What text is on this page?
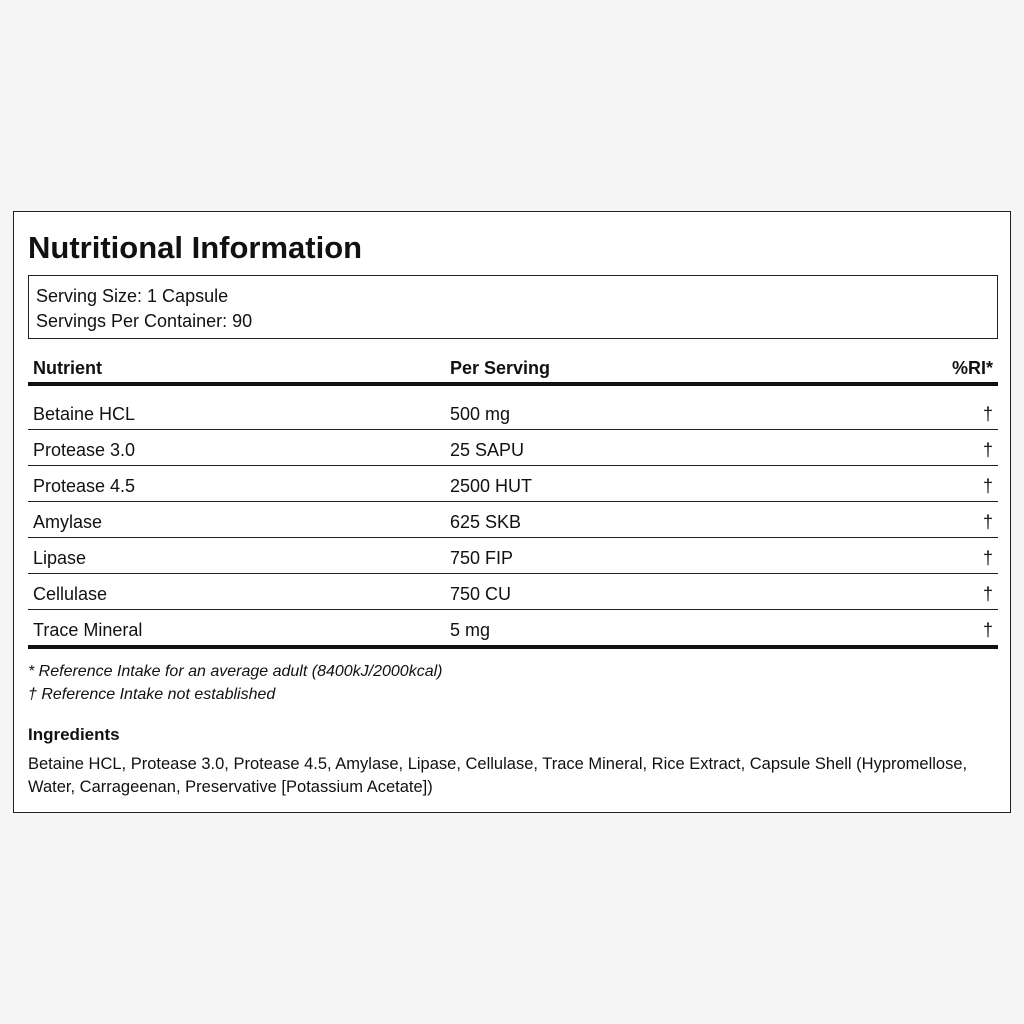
Nutritional Information
Serving Size: 1 Capsule
Servings Per Container: 90
Nutrient	Per Serving	%RI*
Betaine HCL	500 mg	†
Protease 3.0	25 SAPU	†
Protease 4.5	2500 HUT	†
Amylase	625 SKB	†
Lipase	750 FIP	†
Cellulase	750 CU	†
Trace Mineral	5 mg	†
* Reference Intake for an average adult (8400kJ/2000kcal)
† Reference Intake not established
Ingredients
Betaine HCL, Protease 3.0, Protease 4.5, Amylase, Lipase, Cellulase, Trace Mineral, Rice Extract, Capsule Shell (Hypromellose, Water, Carrageenan, Preservative [Potassium Acetate])
